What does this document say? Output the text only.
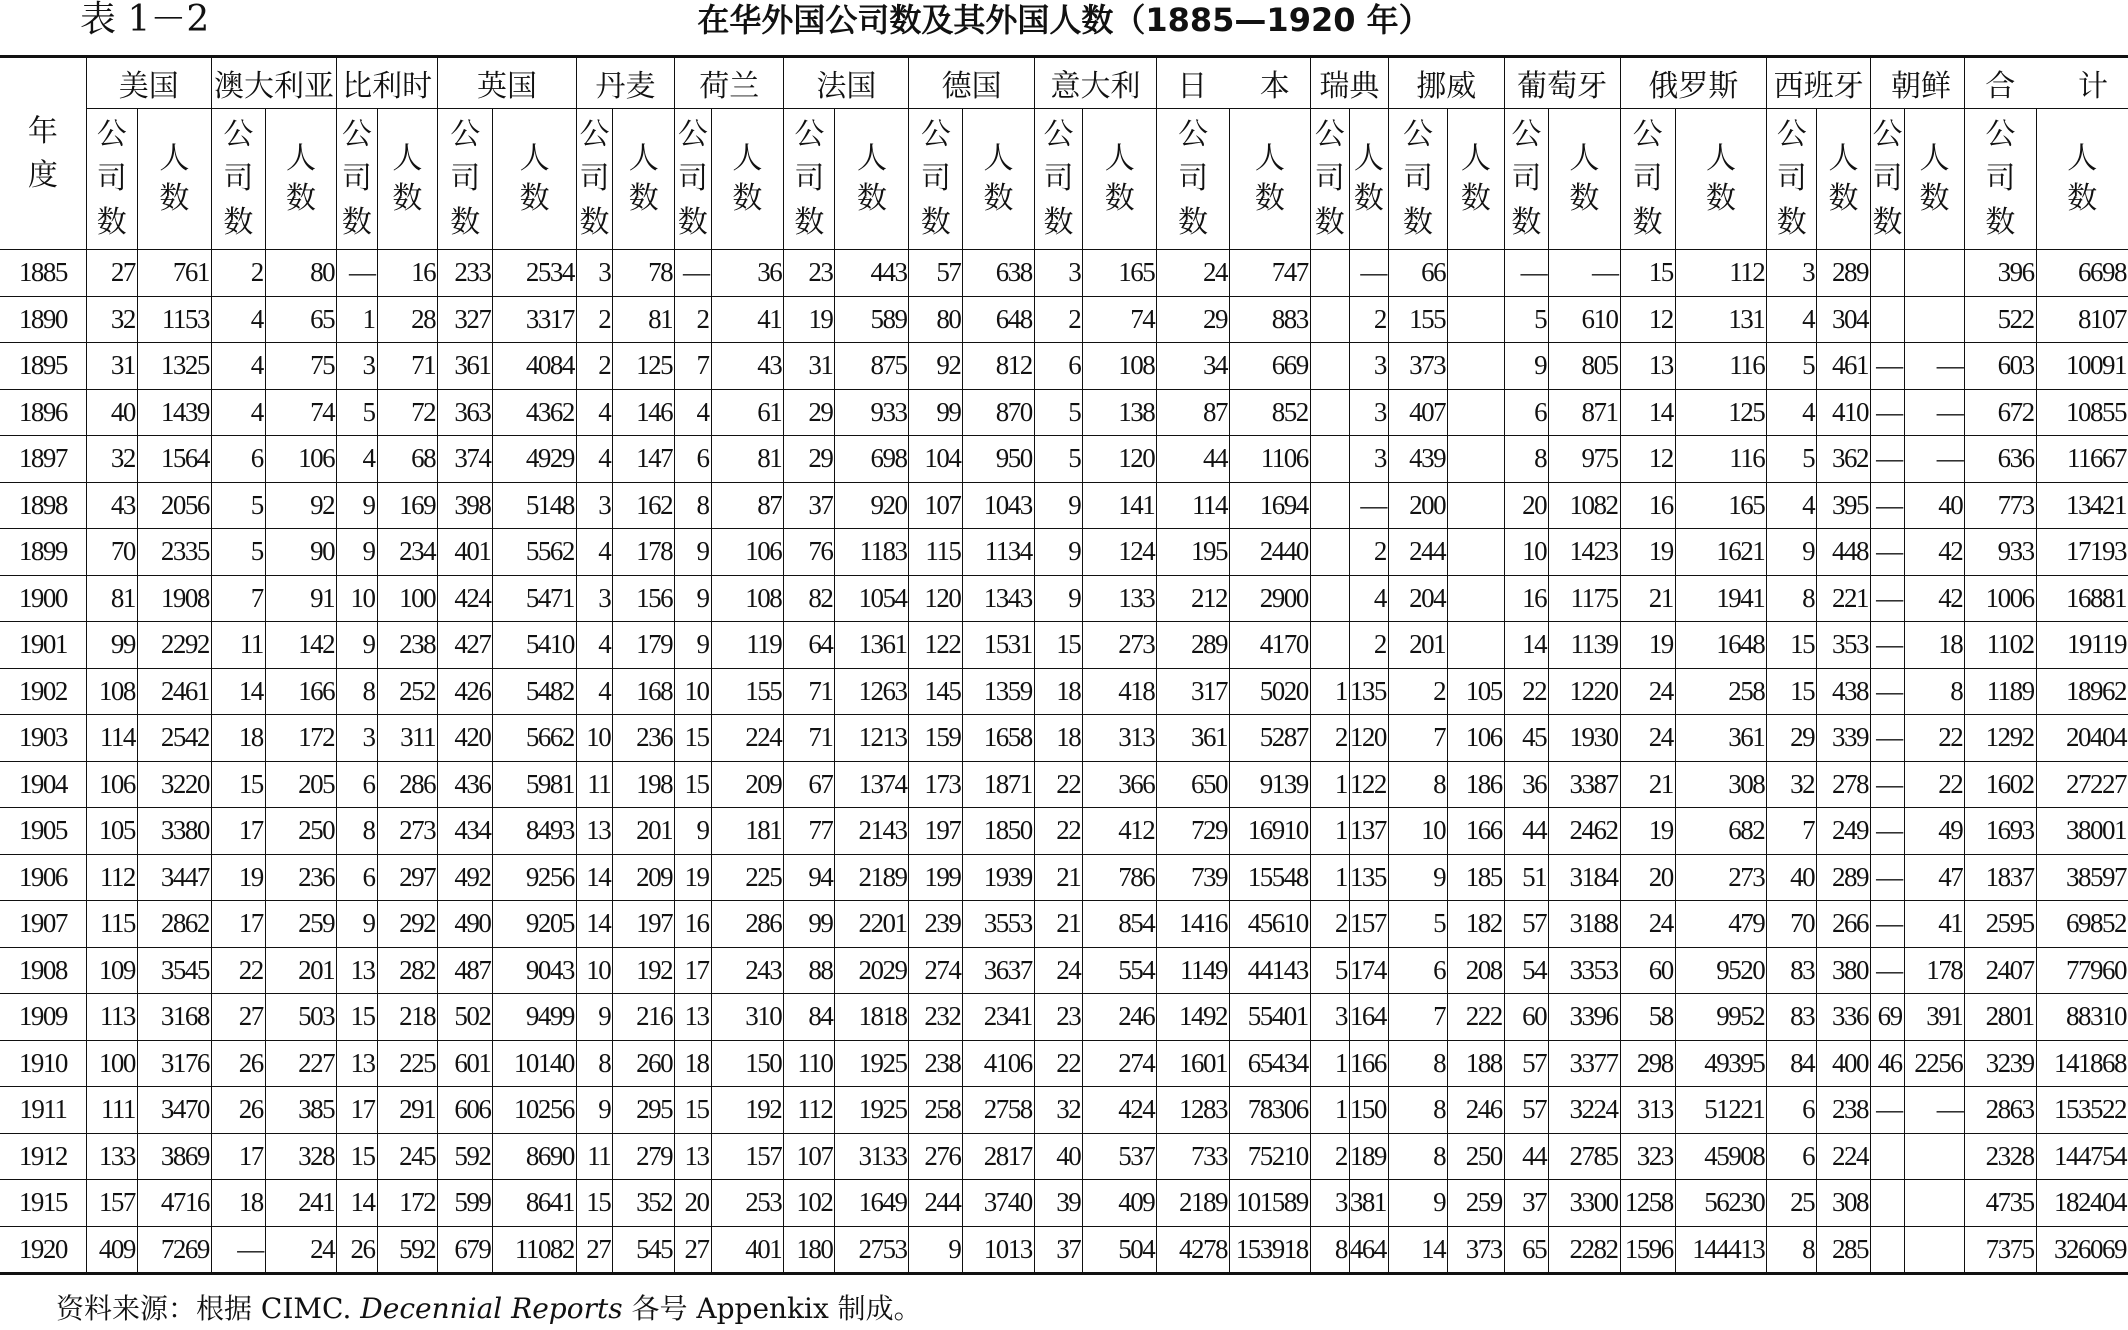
表 1－2	在华外国公司数及其外国人数（1885—1920 年）
年度	美国		澳大利亚		比利时		英国		丹麦		荷兰		法国		德国		意大利		日 本		瑞典		挪威		葡萄牙		俄罗斯		西班牙		朝 鲜		合 计	

	公司数	人数	公司数	人数	公司数	人数	公司数	人数	公司数	人数	公司数	人数	公司数	人数	公司数	人数	公司数	人数	公司数	人数	公司数	人数	公司数	人数	公司数	人数	公司数	人数	公司数	人数	公司数	人数	公司数	人数
1885	27	761	2	80	—	16	233	2534	3	78	—	36	23	443	57	638	3	165	24	747		—	66		—	—	15	112	3	289			396	6698
1890	32	1153	4	65	1	28	327	3317	2	81	2	41	19	589	80	648	2	74	29	883		2	155		5	610	12	131	4	304			522	8107
1895	31	1325	4	75	3	71	361	4084	2	125	7	43	31	875	92	812	6	108	34	669		3	373		9	805	13	116	5	461	—	—	603	10091
1896	40	1439	4	74	5	72	363	4362	4	146	4	61	29	933	99	870	5	138	87	852		3	407		6	871	14	125	4	410	—	—	672	10855
1897	32	1564	6	106	4	68	374	4929	4	147	6	81	29	698	104	950	5	120	44	1106		3	439		8	975	12	116	5	362	—	—	636	11667
1898	43	2056	5	92	9	169	398	5148	3	162	8	87	37	920	107	1043	9	141	114	1694		—	200		20	1082	16	165	4	395	—	40	773	13421
1899	70	2335	5	90	9	234	401	5562	4	178	9	106	76	1183	115	1134	9	124	195	2440		2	244		10	1423	19	1621	9	448	—	42	933	17193
1900	81	1908	7	91	10	100	424	5471	3	156	9	108	82	1054	120	1343	9	133	212	2900		4	204		16	1175	21	1941	8	221	—	42	1006	16881
1901	99	2292	11	142	9	238	427	5410	4	179	9	119	64	1361	122	1531	15	273	289	4170		2	201		14	1139	19	1648	15	353	—	18	1102	19119
1902	108	2461	14	166	8	252	426	5482	4	168	10	155	71	1263	145	1359	18	418	317	5020	1	135	2	105	22	1220	24	258	15	438	—	8	1189	18962
1903	114	2542	18	172	3	311	420	5662	10	236	15	224	71	1213	159	1658	18	313	361	5287	2	120	7	106	45	1930	24	361	29	339	—	22	1292	20404
1904	106	3220	15	205	6	286	436	5981	11	198	15	209	67	1374	173	1871	22	366	650	9139	1	122	8	186	36	3387	21	308	32	278	—	22	1602	27227
1905	105	3380	17	250	8	273	434	8493	13	201	9	181	77	2143	197	1850	22	412	729	16910	1	137	10	166	44	2462	19	682	7	249	—	49	1693	38001
1906	112	3447	19	236	6	297	492	9256	14	209	19	225	94	2189	199	1939	21	786	739	15548	1	135	9	185	51	3184	20	273	40	289	—	47	1837	38597
1907	115	2862	17	259	9	292	490	9205	14	197	16	286	99	2201	239	3553	21	854	1416	45610	2	157	5	182	57	3188	24	479	70	266	—	41	2595	69852
1908	109	3545	22	201	13	282	487	9043	10	192	17	243	88	2029	274	3637	24	554	1149	44143	5	174	6	208	54	3353	60	9520	83	380	—	178	2407	77960
1909	113	3168	27	503	15	218	502	9499	9	216	13	310	84	1818	232	2341	23	246	1492	55401	3	164	7	222	60	3396	58	9952	83	336	69	391	2801	88310
1910	100	3176	26	227	13	225	601	10140	8	260	18	150	110	1925	238	4106	22	274	1601	65434	1	166	8	188	57	3377	298	49395	84	400	46	2256	3239	141868
1911	111	3470	26	385	17	291	606	10256	9	295	15	192	112	1925	258	2758	32	424	1283	78306	1	150	8	246	57	3224	313	51221	6	238	—	—	2863	153522
1912	133	3869	17	328	15	245	592	8690	11	279	13	157	107	3133	276	2817	40	537	733	75210	2	189	8	250	44	2785	323	45908	6	224			2328	144754
1915	157	4716	18	241	14	172	599	8641	15	352	20	253	102	1649	244	3740	39	409	2189	101589	3	381	9	259	37	3300	1258	56230	25	308			4735	182404
1920	409	7269	—	24	26	592	679	11082	27	545	27	401	180	2753	9	1013	37	504	4278	153918	8	464	14	373	65	2282	1596	144413	8	285			7375	326069
资料来源：根据 CIMC. Decennial Reports 各号 Appenkix 制成。
